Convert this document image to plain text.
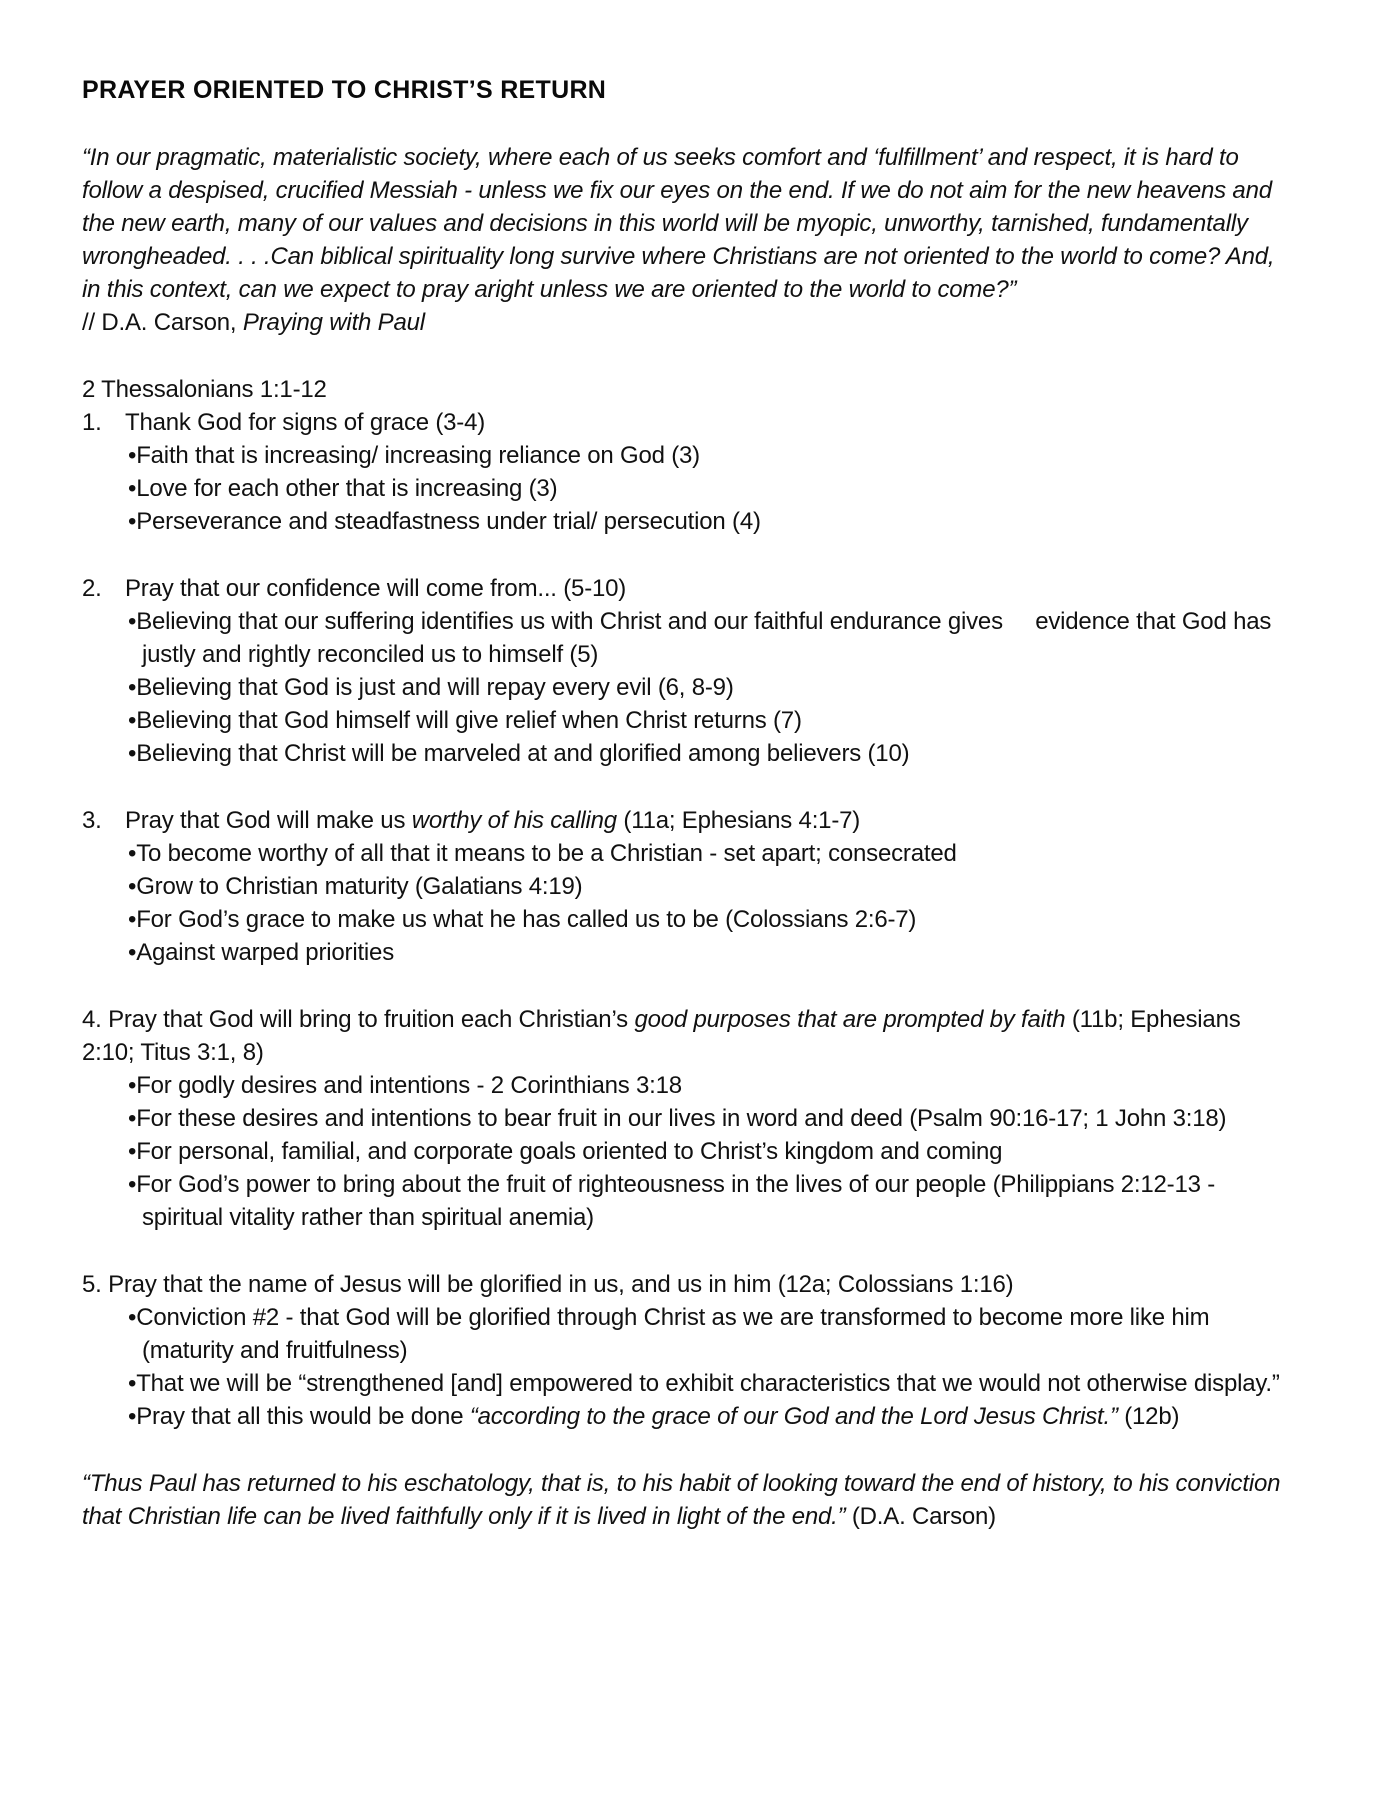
PRAYER ORIENTED TO CHRIST’S RETURN

“In our pragmatic, materialistic society, where each of us seeks comfort and ‘fulfillment’ and respect, it is hard to follow a despised, crucified Messiah - unless we fix our eyes on the end. If we do not aim for the new heavens and the new earth, many of our values and decisions in this world will be myopic, unworthy, tarnished, fundamentally wrongheaded. . . .Can biblical spirituality long survive where Christians are not oriented to the world to come? And, in this context, can we expect to pray aright unless we are oriented to the world to come?”

// D.A. Carson, Praying with Paul

2 Thessalonians 1:1-12

1. Thank God for signs of grace (3-4)
• Faith that is increasing/ increasing reliance on God (3)
• Love for each other that is increasing (3)
• Perseverance and steadfastness under trial/ persecution (4)
2. Pray that our confidence will come from... (5-10)
• Believing that our suffering identifies us with Christ and our faithful endurance gives     evidence that God has justly and rightly reconciled us to himself (5)
• Believing that God is just and will repay every evil (6, 8-9)
• Believing that God himself will give relief when Christ returns (7)
• Believing that Christ will be marveled at and glorified among believers (10)
3. Pray that God will make us worthy of his calling (11a; Ephesians 4:1-7)
• To become worthy of all that it means to be a Christian - set apart; consecrated
• Grow to Christian maturity (Galatians 4:19)
• For God’s grace to make us what he has called us to be (Colossians 2:6-7)
• Against warped priorities

4. Pray that God will bring to fruition each Christian’s good purposes that are prompted by faith (11b; Ephesians 2:10; Titus 3:1, 8)

• For godly desires and intentions - 2 Corinthians 3:18
• For these desires and intentions to bear fruit in our lives in word and deed (Psalm 90:16-17; 1 John 3:18)
• For personal, familial, and corporate goals oriented to Christ’s kingdom and coming
• For God’s power to bring about the fruit of righteousness in the lives of our people (Philippians 2:12-13 - spiritual vitality rather than spiritual anemia)

5. Pray that the name of Jesus will be glorified in us, and us in him (12a; Colossians 1:16)

• Conviction #2 - that God will be glorified through Christ as we are transformed to become more like him (maturity and fruitfulness)
• That we will be “strengthened [and] empowered to exhibit characteristics that we would not otherwise display.”
• Pray that all this would be done “according to the grace of our God and the Lord Jesus Christ.” (12b)

“Thus Paul has returned to his eschatology, that is, to his habit of looking toward the end of history, to his conviction that Christian life can be lived faithfully only if it is lived in light of the end.” (D.A. Carson)
